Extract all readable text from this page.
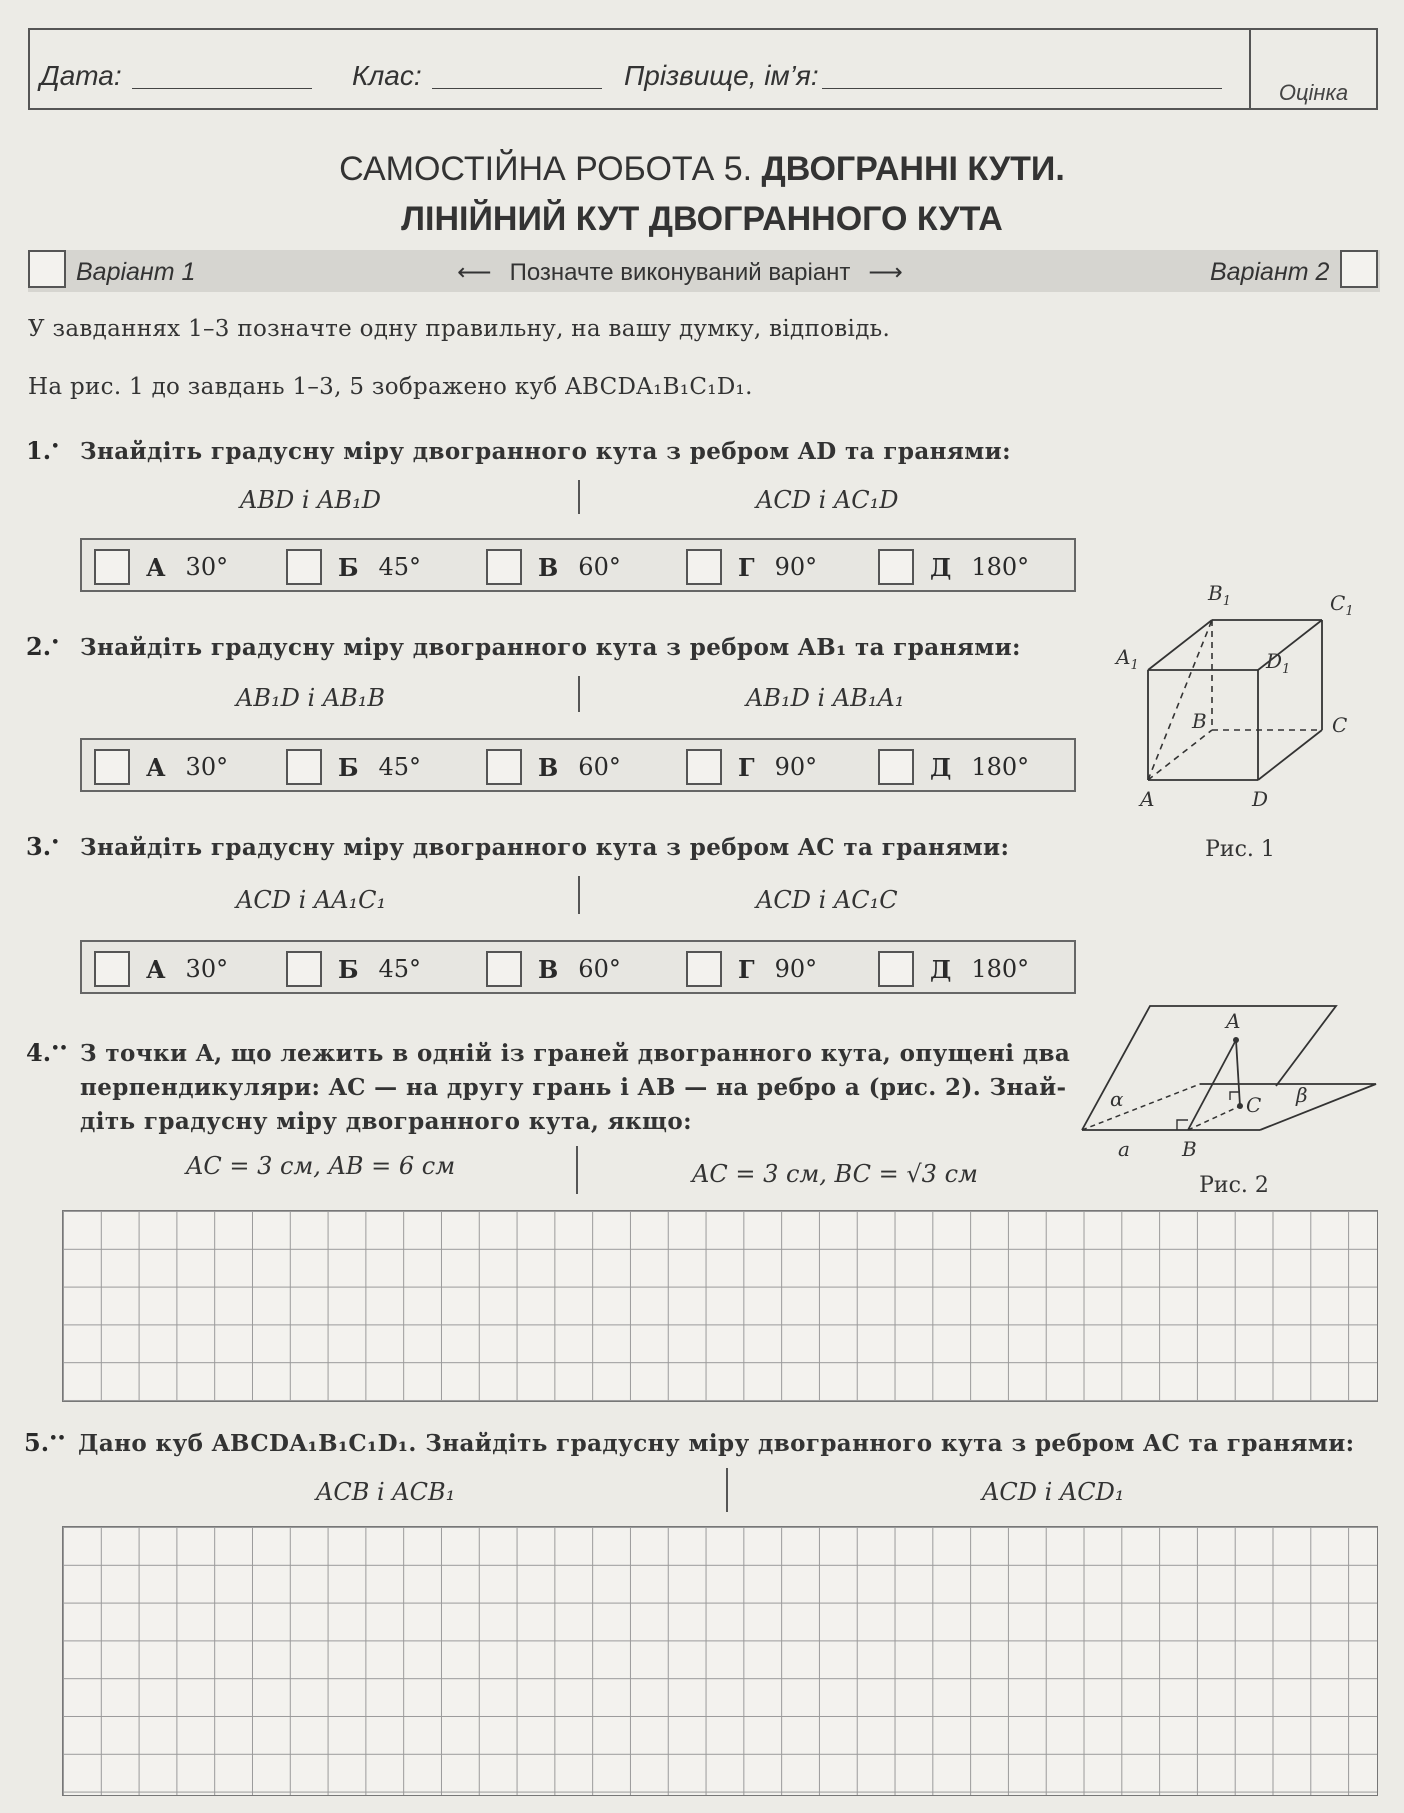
Дата:	Клас:	Прізвище, ім’я:
Оцінка
САМОСТІЙНА РОБОТА 5. ДВОГРАННІ КУТИ.
ЛІНІЙНИЙ КУТ ДВОГРАННОГО КУТА
Варіант 1	⟵ Позначте виконуваний варіант ⟶	Варіант 2
У завданнях 1–3 позначте одну правильну, на вашу думку, відповідь.
На рис. 1 до завдань 1–3, 5 зображено куб ABCDA₁B₁C₁D₁.
1.• Знайдіть градусну міру двогранного кута з ребром AD та гранями:
ABD і AB₁D	ACD і AC₁D
А 30°	Б 45°	В 60°	Г 90°	Д 180°
2.• Знайдіть градусну міру двогранного кута з ребром AB₁ та гранями:
AB₁D і AB₁B	AB₁D і AB₁A₁
А 30°	Б 45°	В 60°	Г 90°	Д 180°
3.• Знайдіть градусну міру двогранного кута з ребром AC та гранями:
ACD і AA₁C₁	ACD і AC₁C
А 30°	Б 45°	В 60°	Г 90°	Д 180°
$B_1$	$C_1$
$A_1$	$D_1$
B	C
A	D
Рис. 1
4.•• З точки A, що лежить в одній із граней двогранного кута, опущені два
перпендикуляри: AC — на другу грань і AB — на ребро a (рис. 2). Знай-
діть градусну міру двогранного кута, якщо:
AC = 3 см, AB = 6 см	AC = 3 см, BC = √3 см
A
C
B
a
α	β
Рис. 2
5.•• Дано куб ABCDA₁B₁C₁D₁. Знайдіть градусну міру двогранного кута з ребром AC та гранями:
ACB і ACB₁	ACD і ACD₁
